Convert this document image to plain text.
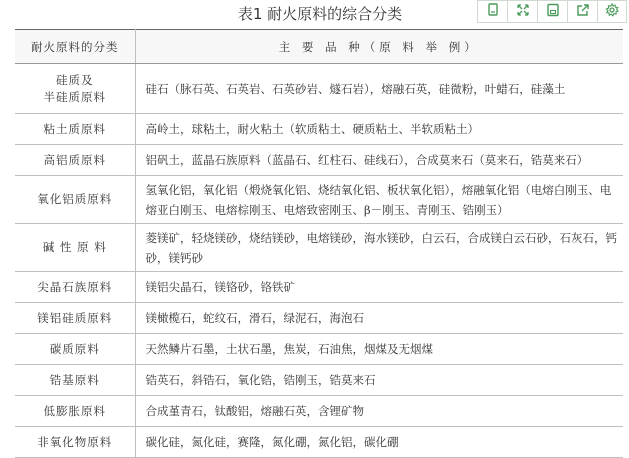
表1 耐火原料的综合分类
耐火原料的分类	主 要 品 种（原 料 举 例）
硅质及
半硅质原料	硅石（脉石英、石英岩、石英砂岩、燧石岩），熔融石英，硅微粉，叶蜡石，硅藻土
粘土质原料	高岭土，球粘土，耐火粘土（软质粘土、硬质粘土、半软质粘土）
高铝质原料	铝矾土，蓝晶石族原料（蓝晶石、红柱石、硅线石），合成莫来石（莫来石，锆莫来石）
氧化铝质原料	氢氧化铝，氧化铝（煅烧氧化铝、烧结氧化铝、板状氧化铝），熔融氧化铝（电熔白刚玉、电熔亚白刚玉、电熔棕刚玉、电熔致密刚玉、β－刚玉、青刚玉、锆刚玉）
碱 性 原 料	菱镁矿，轻烧镁砂，烧结镁砂，电熔镁砂，海水镁砂，白云石，合成镁白云石砂，石灰石，钙砂，镁钙砂
尖晶石族原料	镁铝尖晶石，镁铬砂，铬铁矿
镁铝硅质原料	镁橄榄石，蛇纹石，滑石，绿泥石，海泡石
碳质原料	天然鳞片石墨，土状石墨，焦炭，石油焦，烟煤及无烟煤
锆基原料	锆英石，斜锆石，氧化锆，锆刚玉，锆莫来石
低膨胀原料	合成堇青石，钛酸铝，熔融石英，含锂矿物
非氧化物原料	碳化硅，氮化硅，赛隆，氮化硼，氮化铝，碳化硼
